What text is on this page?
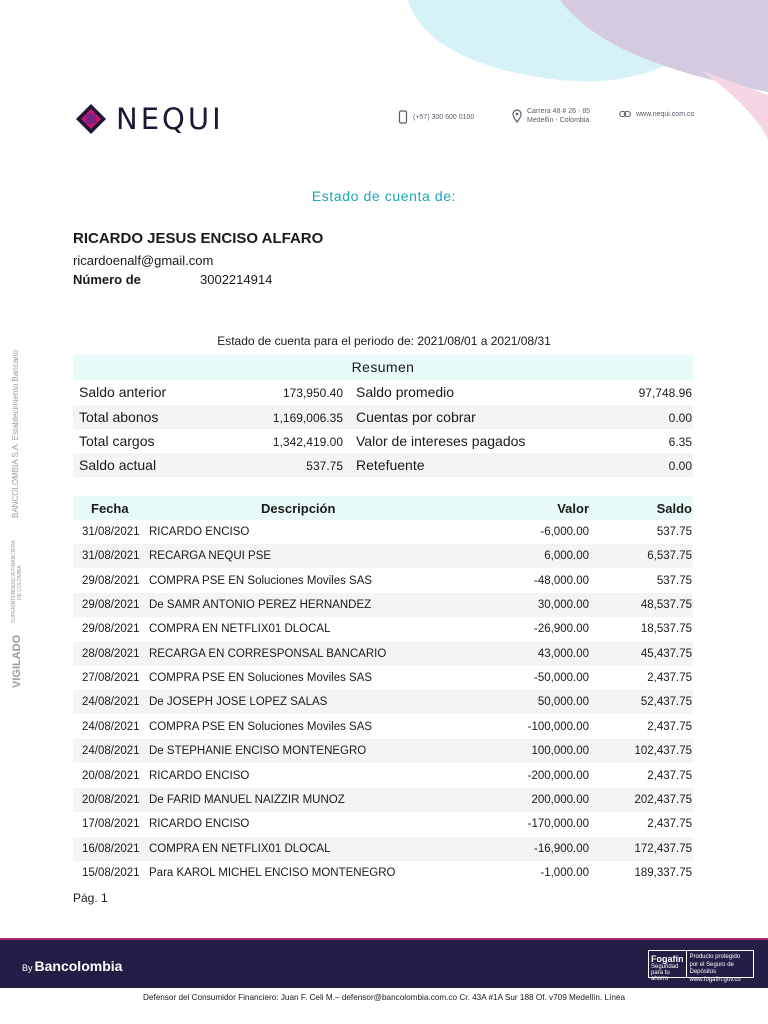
NEQUI	(+57) 300 600 0100
Carrera 48 # 26 - 85
Medellín - Colombia
www.nequi.com.co
Estado de cuenta de:
RICARDO JESUS ENCISO ALFARO
ricardoenalf@gmail.com
Número de	3002214914
Estado de cuenta para el periodo de: 2021/08/01 a 2021/08/31
Resumen
Saldo anterior	173,950.40 Saldo promedio	97,748.96
Total abonos	1,169,006.35 Cuentas por cobrar	0.00
Total cargos	1,342,419.00 Valor de intereses pagados	6.35
Saldo actual	537.75 Retefuente	0.00
Fecha	Descripción	Valor	Saldo
31/08/2021 RICARDO ENCISO	-6,000.00	537.75
31/08/2021 RECARGA NEQUI PSE	6,000.00	6,537.75
29/08/2021 COMPRA PSE EN Soluciones Moviles SAS	-48,000.00	537.75
29/08/2021 De SAMR ANTONIO PEREZ HERNANDEZ	30,000.00	48,537.75
29/08/2021 COMPRA EN NETFLIX01 DLOCAL	-26,900.00	18,537.75
28/08/2021 RECARGA EN CORRESPONSAL BANCARIO	43,000.00	45,437.75
27/08/2021 COMPRA PSE EN Soluciones Moviles SAS	-50,000.00	2,437.75
24/08/2021 De JOSEPH JOSE LOPEZ SALAS	50,000.00	52,437.75
24/08/2021 COMPRA PSE EN Soluciones Moviles SAS	-100,000.00	2,437.75
24/08/2021 De STEPHANIE ENCISO MONTENEGRO	100,000.00	102,437.75
20/08/2021 RICARDO ENCISO	-200,000.00	2,437.75
20/08/2021 De FARID MANUEL NAIZZIR MUNOZ	200,000.00	202,437.75
17/08/2021 RICARDO ENCISO	-170,000.00	2,437.75
16/08/2021 COMPRA EN NETFLIX01 DLOCAL	-16,900.00	172,437.75
15/08/2021 Para KAROL MICHEL ENCISO MONTENEGRO	-1,000.00	189,337.75
Pág. 1
BANCOLOMBIA S.A. Establecimiento Bancario
VIGILADO
SUPERINTENDENCIA FINANCIERA DE COLOMBIA
By Bancolombia	Fogafín
Seguridad para tu ahorro
Producto protegido por el Seguro de Depósitos
www.fogafin.gov.co
Defensor del Consumidor Financiero: Juan F. Celi M.– defensor@bancolombia.com.co Cr. 43A #1A Sur 188 Of. v709 Medellín. Línea
